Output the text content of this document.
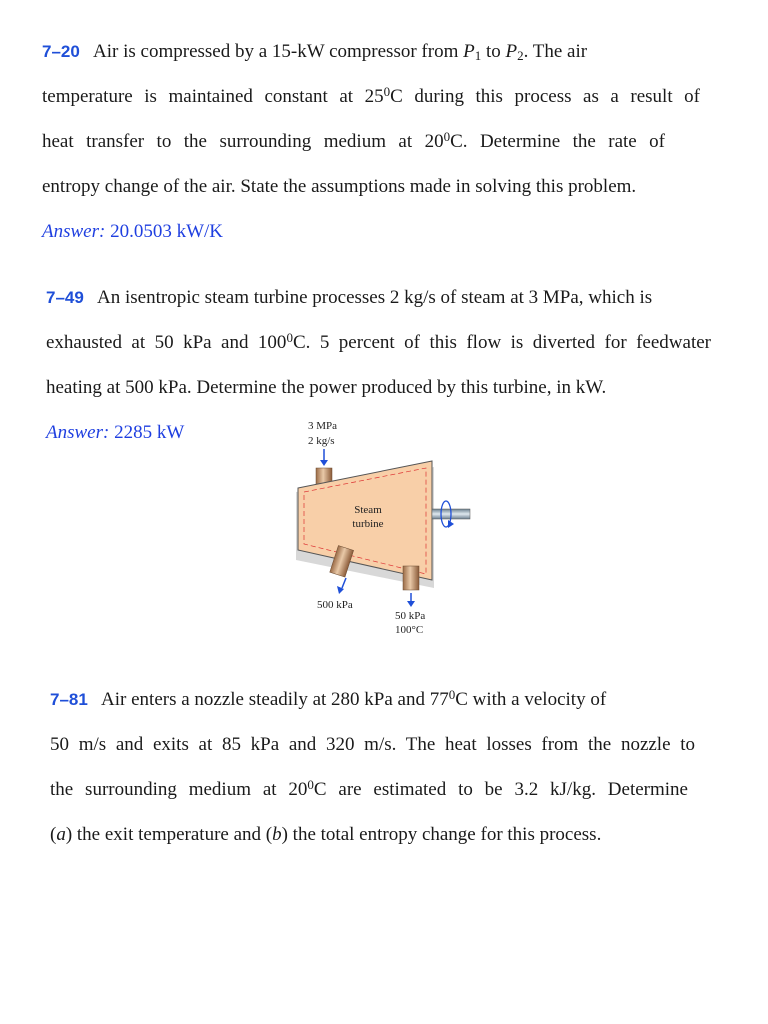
7–20 Air is compressed by a 15-kW compressor from $P_1$ to $P_2$. The air
temperature is maintained constant at $25^0C$ during this process as a result of
heat transfer to the surrounding medium at $20^0C$. Determine the rate of
entropy change of the air. State the assumptions made in solving this problem.
Answer: 20.0503 kW/K
7–49 An isentropic steam turbine processes 2 kg/s of steam at 3 MPa, which is
exhausted at 50 kPa and $100^0C$. 5 percent of this flow is diverted for feedwater
heating at 500 kPa. Determine the power produced by this turbine, in kW.
Answer: 2285 kW	3 MPa
2 kg/s
Steam
turbine
500 kPa
50 kPa
100°C
7–81 Air enters a nozzle steadily at 280 kPa and $77^0C$ with a velocity of
50 m/s and exits at 85 kPa and 320 m/s. The heat losses from the nozzle to
the surrounding medium at $20^0C$ are estimated to be 3.2 kJ/kg. Determine
(a) the exit temperature and (b) the total entropy change for this process.
